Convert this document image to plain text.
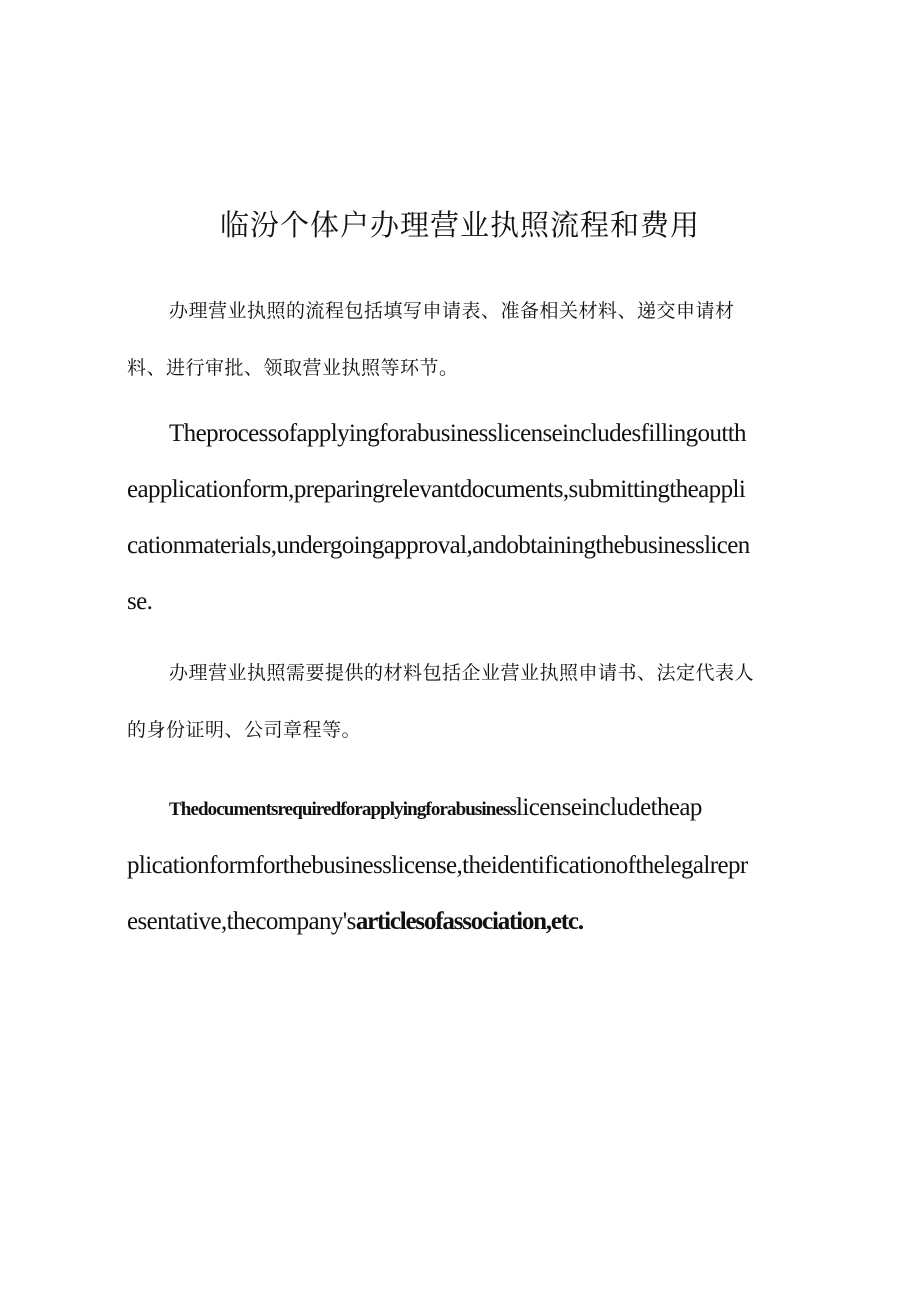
临汾个体户办理营业执照流程和费用
办理营业执照的流程包括填写申请表、准备相关材料、递交申请材
料、进行审批、领取营业执照等环节。
Theprocessofapplyingforabusinesslicenseincludesfillingoutth
eapplicationform,preparingrelevantdocuments,submittingtheappli
cationmaterials,undergoingapproval,andobtainingthebusinesslicen
se.
办理营业执照需要提供的材料包括企业营业执照申请书、法定代表人
的身份证明、公司章程等。
Thedocumentsrequiredforapplyingforabusinesslicenseincludetheap
plicationformforthebusinesslicense,theidentificationofthelegalrepr
esentative,thecompany'sarticlesofassociation,etc.
